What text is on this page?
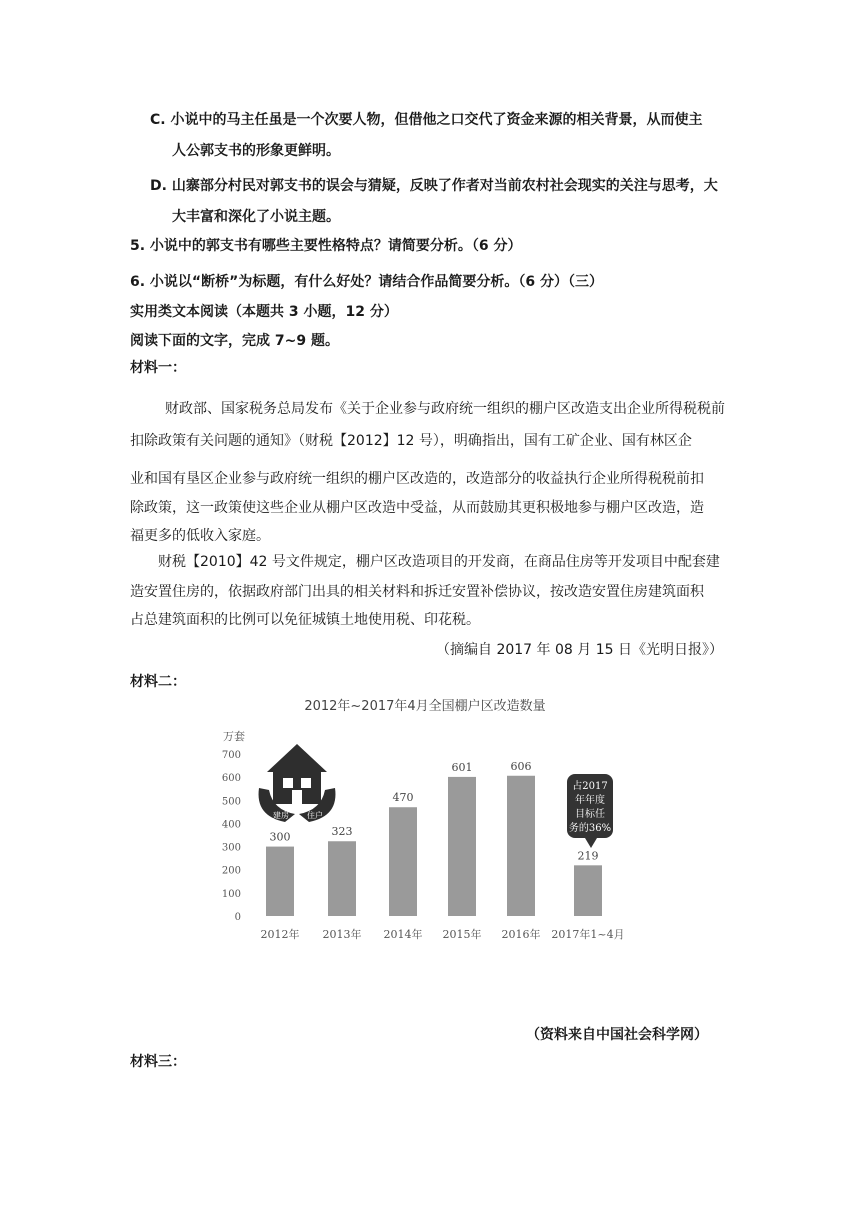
C. 小说中的马主任虽是一个次要人物，但借他之口交代了资金来源的相关背景，从而使主
人公郭支书的形象更鲜明。
D. 山寨部分村民对郭支书的误会与猜疑，反映了作者对当前农村社会现实的关注与思考，大
大丰富和深化了小说主题。
5. 小说中的郭支书有哪些主要性格特点？请简要分析。（6 分）
6. 小说以“断桥”为标题，有什么好处？请结合作品简要分析。（6 分）（三）
实用类文本阅读（本题共 3 小题，12 分）
阅读下面的文字，完成 7~9 题。
材料一：
财政部、国家税务总局发布《关于企业参与政府统一组织的棚户区改造支出企业所得税税前
扣除政策有关问题的通知》（财税【2012】12 号），明确指出，国有工矿企业、国有林区企
业和国有垦区企业参与政府统一组织的棚户区改造的，改造部分的收益执行企业所得税税前扣
除政策，这一政策使这些企业从棚户区改造中受益，从而鼓励其更积极地参与棚户区改造，造
福更多的低收入家庭。
财税【2010】42 号文件规定，棚户区改造项目的开发商，在商品住房等开发项目中配套建
造安置住房的，依据政府部门出具的相关材料和拆迁安置补偿协议，按改造安置住房建筑面积
占总建筑面积的比例可以免征城镇土地使用税、印花税。
（摘编自 2017 年 08 月 15 日《光明日报》）
材料二：
2012年~2017年4月全国棚户区改造数量
万套
0
100
200
300
400
500
600
700
建房 住户
300
2012年
323
2013年
470
2014年
601
2015年
606
2016年
219
2017年1~4月
占2017
年年度
目标任
务的36%
（资料来自中国社会科学网）
材料三：
